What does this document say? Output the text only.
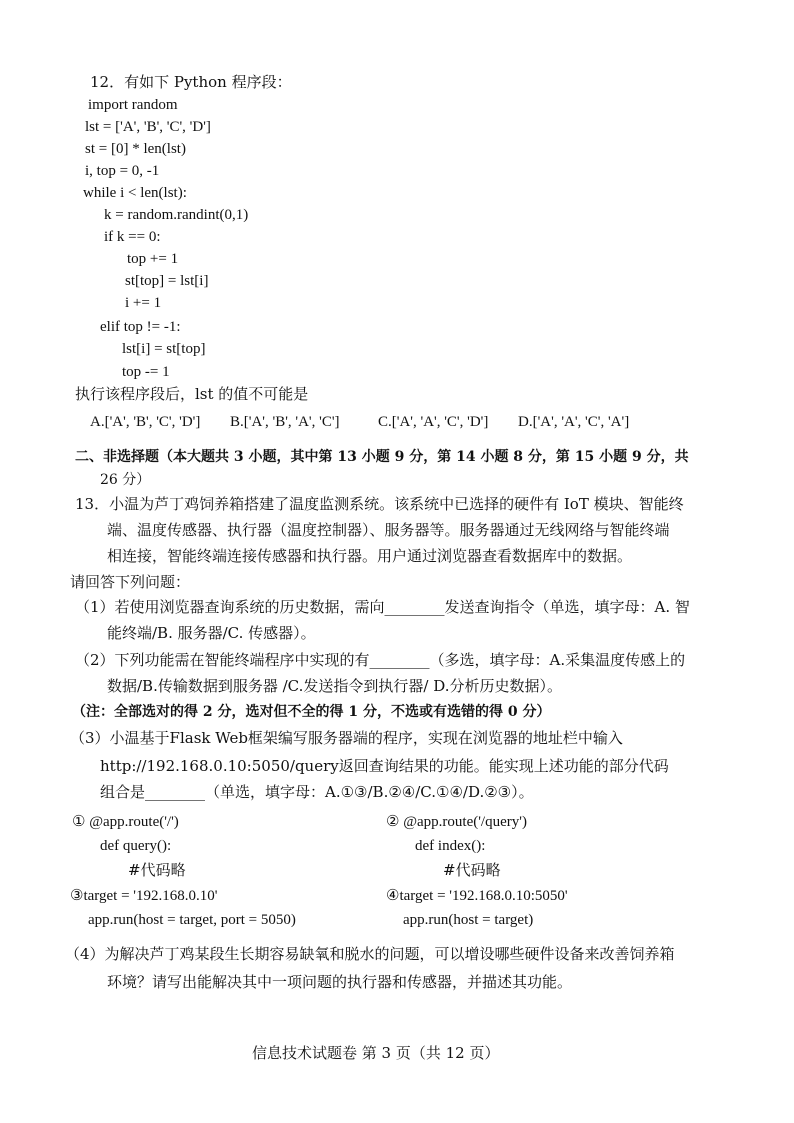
12．有如下 Python 程序段：
import random
lst = ['A', 'B', 'C', 'D']
st = [0] * len(lst)
i, top = 0, -1
while i < len(lst):
k = random.randint(0,1)
if k == 0:
top += 1
st[top] = lst[i]
i += 1
elif top != -1:
lst[i] = st[top]
top -= 1
执行该程序段后，lst 的值不可能是
A.['A', 'B', 'C', 'D'] B.['A', 'B', 'A', 'C']	C.['A', 'A', 'C', 'D'] D.['A', 'A', 'C', 'A']
二、非选择题（本大题共 3 小题，其中第 13 小题 9 分，第 14 小题 8 分，第 15 小题 9 分，共
26 分）
13．小温为芦丁鸡饲养箱搭建了温度监测系统。该系统中已选择的硬件有 IoT 模块、智能终
端、温度传感器、执行器（温度控制器）、服务器等。服务器通过无线网络与智能终端
相连接，智能终端连接传感器和执行器。用户通过浏览器查看数据库中的数据。
请回答下列问题：
（1）若使用浏览器查询系统的历史数据，需向________发送查询指令（单选，填字母：A. 智
能终端/B. 服务器/C. 传感器）。
（2）下列功能需在智能终端程序中实现的有________（多选，填字母：A.采集温度传感上的
数据/B.传输数据到服务器 /C.发送指令到执行器/ D.分析历史数据）。
（注：全部选对的得 2 分，选对但不全的得 1 分，不选或有选错的得 0 分）
（3）小温基于Flask Web框架编写服务器端的程序，实现在浏览器的地址栏中输入
http://192.168.0.10:5050/query返回查询结果的功能。能实现上述功能的部分代码
组合是________（单选，填字母：A.①③/B.②④/C.①④/D.②③）。
① @app.route('/')
def query():
#代码略
③target = '192.168.0.10'
app.run(host = target, port = 5050)
② @app.route('/query')
def index():
#代码略
④target = '192.168.0.10:5050'
app.run(host = target)
（4）为解决芦丁鸡某段生长期容易缺氧和脱水的问题，可以增设哪些硬件设备来改善饲养箱
环境？请写出能解决其中一项问题的执行器和传感器，并描述其功能。
信息技术试题卷 第 3 页（共 12 页）
